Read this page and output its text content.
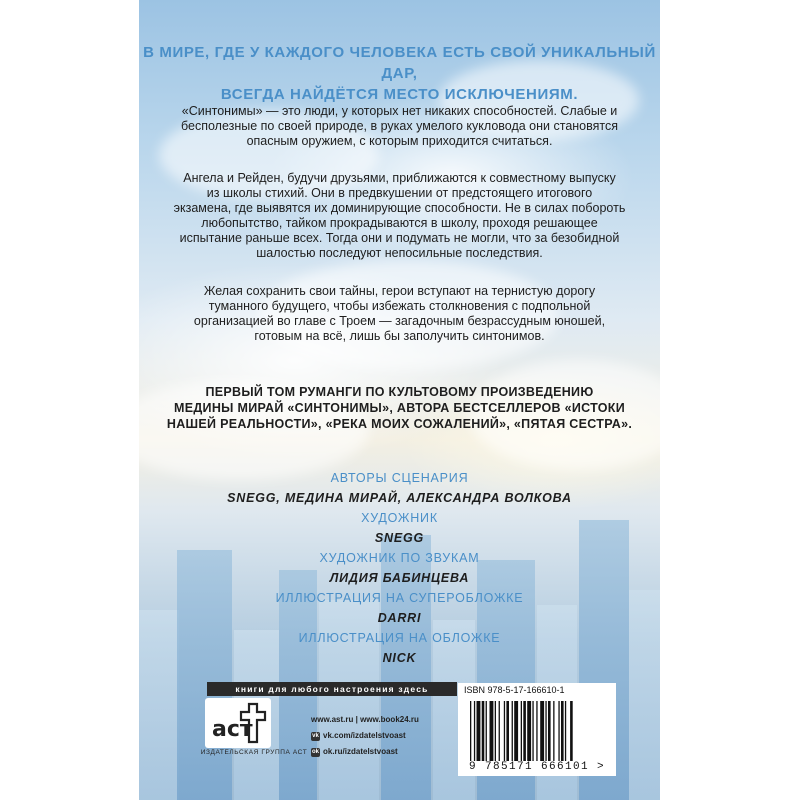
В МИРЕ, ГДЕ У КАЖДОГО ЧЕЛОВЕКА ЕСТЬ СВОЙ УНИКАЛЬНЫЙ ДАР,
ВСЕГДА НАЙДЁТСЯ МЕСТО ИСКЛЮЧЕНИЯМ.
«Синтонимы» — это люди, у которых нет никаких способностей. Слабые и
бесполезные по своей природе, в руках умелого кукловода они становятся
опасным оружием, с которым приходится считаться.
Ангела и Рейден, будучи друзьями, приближаются к совместному выпуску
из школы стихий. Они в предвкушении от предстоящего итогового
экзамена, где выявятся их доминирующие способности. Не в силах побороть
любопытство, тайком прокрадываются в школу, проходя решающее
испытание раньше всех. Тогда они и подумать не могли, что за безобидной
шалостью последуют непосильные последствия.
Желая сохранить свои тайны, герои вступают на тернистую дорогу
туманного будущего, чтобы избежать столкновения с подпольной
организацией во главе с Троем — загадочным безрассудным юношей,
готовым на всё, лишь бы заполучить синтонимов.
ПЕРВЫЙ ТОМ РУМАНГИ ПО КУЛЬТОВОМУ ПРОИЗВЕДЕНИЮ
МЕДИНЫ МИРАЙ «СИНТОНИМЫ», АВТОРА БЕСТСЕЛЛЕРОВ «ИСТОКИ
НАШЕЙ РЕАЛЬНОСТИ», «РЕКА МОИХ СОЖАЛЕНИЙ», «ПЯТАЯ СЕСТРА».
АВТОРЫ СЦЕНАРИЯ
SNEGG, МЕДИНА МИРАЙ, АЛЕКСАНДРА ВОЛКОВА
ХУДОЖНИК
SNEGG
ХУДОЖНИК ПО ЗВУКАМ
ЛИДИЯ БАБИНЦЕВА
ИЛЛЮСТРАЦИЯ НА СУПЕРОБЛОЖКЕ
DARRI
ИЛЛЮСТРАЦИЯ НА ОБЛОЖКЕ
NICK
книги для любого настроения здесь
аст
ИЗДАТЕЛЬСКАЯ ГРУППА АСТ
www.ast.ru | www.book24.ru
vk vk.com/izdatelstvoast
ok ok.ru/izdatelstvoast
ISBN 978-5-17-166610-1
9 785171 666101 >
